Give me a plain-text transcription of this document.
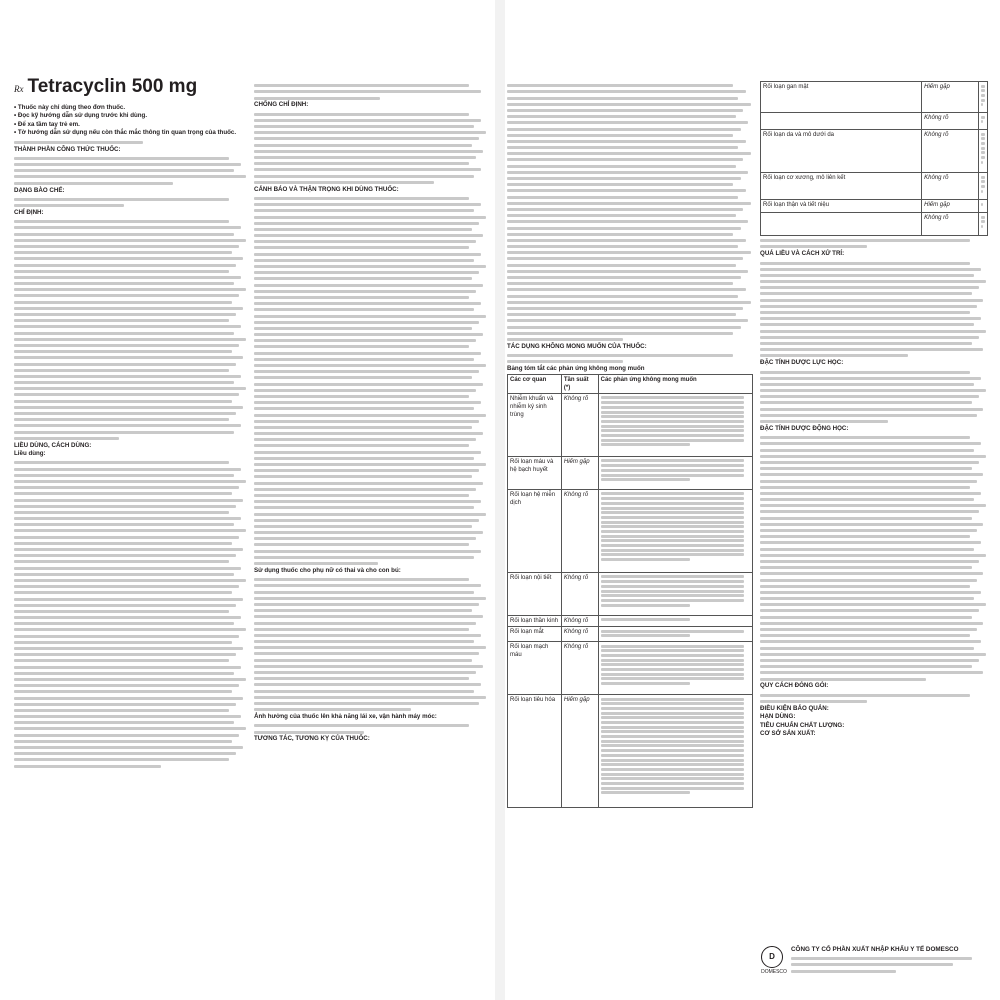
Rx Tetracyclin 500 mg

• Thuốc này chỉ dùng theo đơn thuốc.

• Đọc kỹ hướng dẫn sử dụng trước khi dùng.

• Để xa tầm tay trẻ em.

• Tờ hướng dẫn sử dụng nếu còn thắc mắc thông tin quan trọng của thuốc.

THÀNH PHẦN CÔNG THỨC THUỐC:

DẠNG BÀO CHẾ:

CHỈ ĐỊNH:

LIỀU DÙNG, CÁCH DÙNG:

Liều dùng:

CHỐNG CHỈ ĐỊNH:

CẢNH BÁO VÀ THẬN TRỌNG KHI DÙNG THUỐC:

Sử dụng thuốc cho phụ nữ có thai và cho con bú:

Ảnh hưởng của thuốc lên khả năng lái xe, vận hành máy móc:

TƯƠNG TÁC, TƯƠNG KỴ CỦA THUỐC:

TÁC DỤNG KHÔNG MONG MUỐN CỦA THUỐC:

Bảng tóm tắt các phản ứng không mong muốn

Các cơ quan	Tần suất (*)	Các phản ứng không mong muốn
Nhiễm khuẩn và nhiễm ký sinh trùng	Không rõ	

Rối loạn máu và hệ bạch huyết	Hiếm gặp	

Rối loạn hệ miễn dịch	Không rõ	

Rối loạn nội tiết	Không rõ	

Rối loạn thần kinh	Không rõ	

Rối loạn mắt	Không rõ	

Rối loạn mạch máu	Không rõ	

Rối loạn tiêu hóa	Hiếm gặp	
Rối loạn gan mật	Hiếm gặp	

	Không rõ	

Rối loạn da và mô dưới da	Không rõ	

Rối loạn cơ xương, mô liên kết	Không rõ	

Rối loạn thận và tiết niệu	Hiếm gặp	

	Không rõ	

QUÁ LIỀU VÀ CÁCH XỬ TRÍ:

ĐẶC TÍNH DƯỢC LỰC HỌC:

ĐẶC TÍNH DƯỢC ĐỘNG HỌC:

QUY CÁCH ĐÓNG GÓI:

ĐIỀU KIỆN BẢO QUẢN:

HẠN DÙNG:

TIÊU CHUẨN CHẤT LƯỢNG:

CƠ SỞ SẢN XUẤT:

D
DOMESCO
CÔNG TY CỔ PHẦN XUẤT NHẬP KHẨU Y TẾ DOMESCO
